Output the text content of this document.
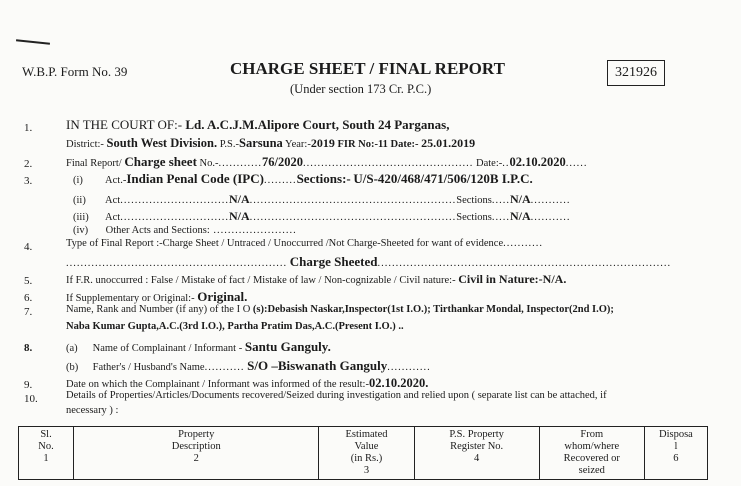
W.B.P. Form No. 39	CHARGE SHEET / FINAL REPORT
(Under section 173 Cr. P.C.)
321926
1.	IN THE COURT OF:- Ld. A.C.J.M.Alipore Court, South 24 Parganas,
District:- South West Division. P.S.-Sarsuna Year:-2019 FIR No:-11 Date:- 25.01.2019
2.	Final Report/ Charge sheet No.-............76/2020............................................... Date:-..02.10.2020......
3.	(i) Act.-Indian Penal Code (IPC).........Sections:- U/S-420/468/471/506/120B I.P.C.
(ii) Act..............................N/A.........................................................Sections.....N/A...........
(iii) Act..............................N/A.........................................................Sections.....N/A...........
(iv) Other Acts and Sections: .......................
4.	Type of Final Report :-Charge Sheet / Untraced / Unoccurred /Not Charge-Sheeted for want of evidence...........
............................................................. Charge Sheeted.................................................................................
5.	If F.R. unoccurred : False / Mistake of fact / Mistake of law / Non-cognizable / Civil nature:- Civil in Nature:-N/A.
6.	If Supplementary or Original:- Original.
7.	Name, Rank and Number (if any) of the I O (s):Debasish Naskar,Inspector(1st I.O.); Tirthankar Mondal, Inspector(2nd I.O);
Naba Kumar Gupta,A.C.(3rd I.O.), Partha Pratim Das,A.C.(Present I.O.) ..
8.	(a) Name of Complainant / Informant - Santu Ganguly.
(b) Father's / Husband's Name........... S/O –Biswanath Ganguly............
9.	Date on which the Complainant / Informant was informed of the result:-02.10.2020.
10.	Details of Properties/Articles/Documents recovered/Seized during investigation and relied upon ( separate list can be attached, if
necessary ) :
Sl.
No.
1

Property
Description
2

Estimated
Value
(in Rs.)
3

P.S. Property
Register No.
4

From
whom/where
Recovered or
seized

Disposa
l
6
